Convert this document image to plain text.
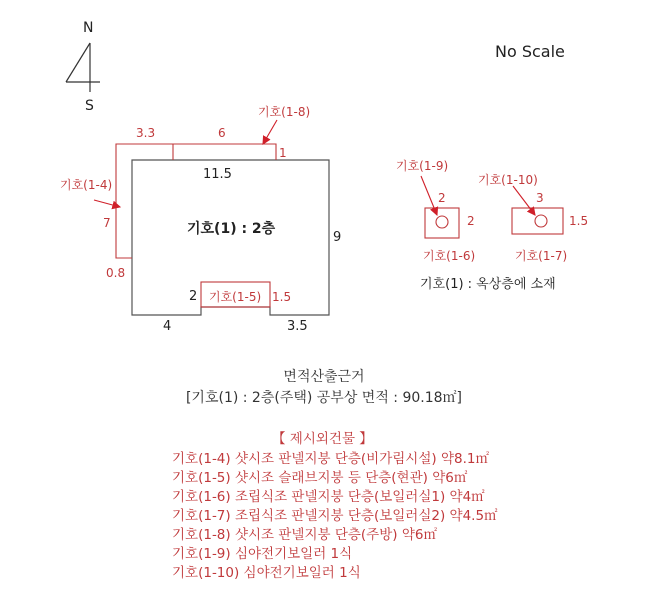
N
S
No Scale
기호(1) : 2층
11.5
9
4	3.5
2
기호(1-8)
3.3	6
1
기호(1-4)
7
0.8
기호(1-5) 1.5
기호(1-9)
2
2
기호(1-6)
기호(1-10)
3
1.5
기호(1-7)
기호(1) : 옥상층에 소재
면적산출근거
[기호(1) : 2층(주택) 공부상 면적 : 90.18㎡]
【 제시외건물 】
기호(1-4) 샷시조 판넬지붕 단층(비가림시설) 약8.1㎡
기호(1-5) 샷시조 슬래브지붕 등 단층(현관) 약6㎡
기호(1-6) 조립식조 판넬지붕 단층(보일러실1) 약4㎡
기호(1-7) 조립식조 판넬지붕 단층(보일러실2) 약4.5㎡
기호(1-8) 샷시조 판넬지붕 단층(주방) 약6㎡
기호(1-9) 심야전기보일러 1식
기호(1-10) 심야전기보일러 1식
